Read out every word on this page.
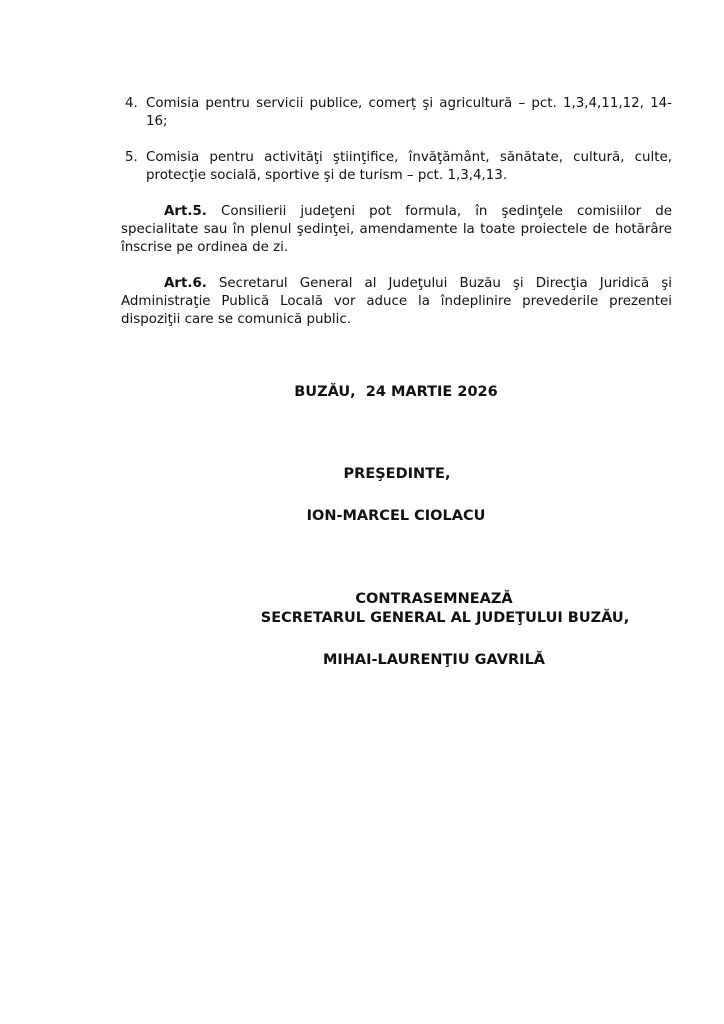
4. Comisia pentru servicii publice, comerț şi agricultură – pct. 1,3,4,11,12, 14-16;
5. Comisia pentru activităţi ştiinţifice, învăţământ, sănătate, cultură, culte, protecţie socială, sportive şi de turism – pct. 1,3,4,13.
Art.5. Consilierii judeţeni pot formula, în şedinţele comisiilor de specialitate sau în plenul şedinţei, amendamente la toate proiectele de hotărâre înscrise pe ordinea de zi.
Art.6. Secretarul General al Judeţului Buzău şi Direcţia Juridică şi Administraţie Publică Locală vor aduce la îndeplinire prevederile prezentei dispoziţii care se comunică public.
BUZĂU,  24 MARTIE 2026
PREŞEDINTE,
ION-MARCEL CIOLACU
CONTRASEMNEAZĂ
SECRETARUL GENERAL AL JUDEŢULUI BUZĂU,
MIHAI-LAURENŢIU GAVRILĂ
